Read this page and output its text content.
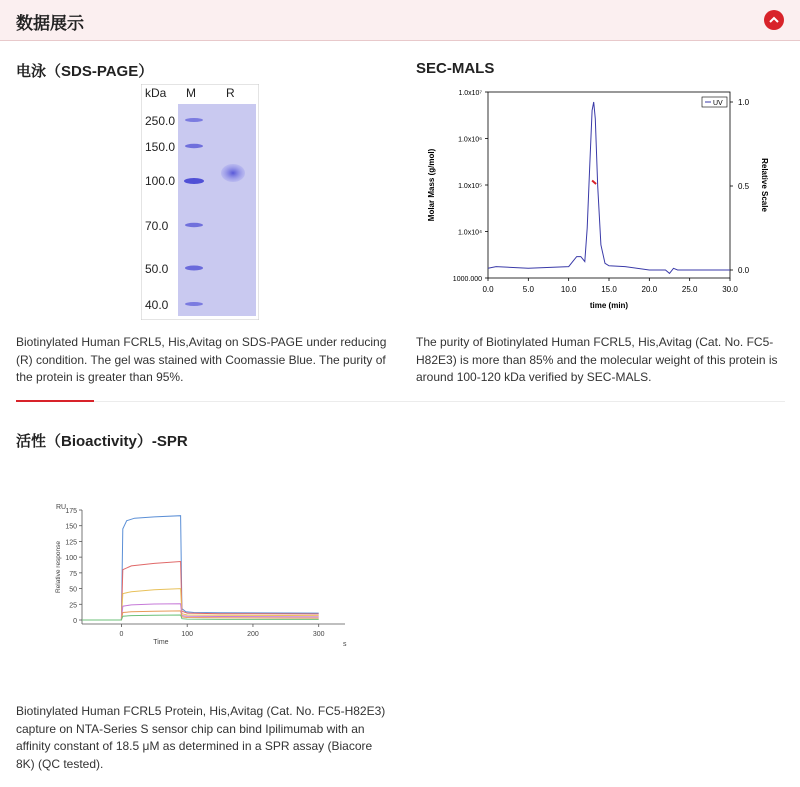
数据展示
电泳（SDS-PAGE）
kDa M	R
250.0
150.0
100.0
70.0
50.0
40.0
Biotinylated Human FCRL5, His,Avitag on SDS-PAGE under reducing (R) condition. The gel was stained with Coomassie Blue. The purity of the protein is greater than 95%.
SEC-MALS
0.0	5.0	10.0	15.0	20.0	25.0	30.0
time (min)
1000.000
1.0x10⁴
1.0x10⁵
1.0x10⁶
1.0x10⁷
Molar Mass (g/mol)
0.0
0.5
1.0
Relative Scale
UV
The purity of Biotinylated Human FCRL5, His,Avitag (Cat. No. FC5-H82E3) is more than 85% and the molecular weight of this protein is around 100-120 kDa verified by SEC-MALS.
活性（Bioactivity）-SPR
0
25
50
75
100
125
150
175
RU
Relative response
0	100	200	300
Time	s
Biotinylated Human FCRL5 Protein, His,Avitag (Cat. No. FC5-H82E3) capture on NTA-Series S sensor chip can bind Ipilimumab with an affinity constant of 18.5 μM as determined in a SPR assay (Biacore 8K) (QC tested).
